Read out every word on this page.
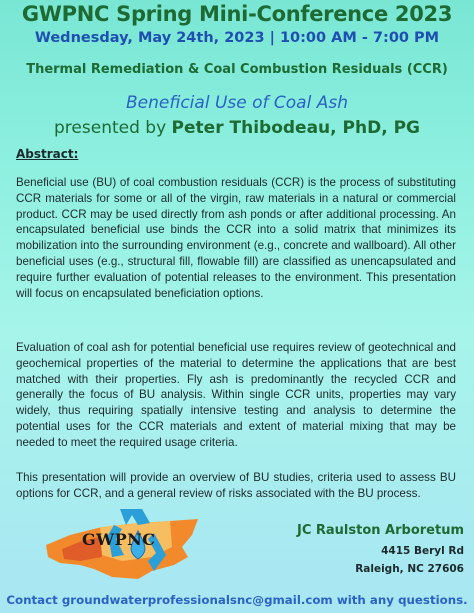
GWPNC Spring Mini-Conference 2023
Wednesday, May 24th, 2023 | 10:00 AM - 7:00 PM
Thermal Remediation & Coal Combustion Residuals (CCR)
Beneficial Use of Coal Ash
presented by Peter Thibodeau, PhD, PG
Abstract:

Beneficial use (BU) of coal combustion residuals (CCR) is the process of substituting CCR materials for some or all of the virgin, raw materials in a natural or commercial product. CCR may be used directly from ash ponds or after additional processing. An encapsulated beneficial use binds the CCR into a solid matrix that minimizes its mobilization into the surrounding environment (e.g., concrete and wallboard). All other beneficial uses (e.g., structural fill, flowable fill) are classified as unencapsulated and require further evaluation of potential releases to the environment. This presentation will focus on encapsulated beneficiation options.

Evaluation of coal ash for potential beneficial use requires review of geotechnical and geochemical properties of the material to determine the applications that are best matched with their properties. Fly ash is predominantly the recycled CCR and generally the focus of BU analysis. Within single CCR units, properties may vary widely, thus requiring spatially intensive testing and analysis to determine the potential uses for the CCR materials and extent of material mixing that may be needed to meet the required usage criteria.

This presentation will provide an overview of BU studies, criteria used to assess BU options for CCR, and a general review of risks associated with the BU process.

GWPNC	JC Raulston Arboretum
4415 Beryl Rd
Raleigh, NC 27606
Contact groundwaterprofessionalsnc@gmail.com with any questions.
